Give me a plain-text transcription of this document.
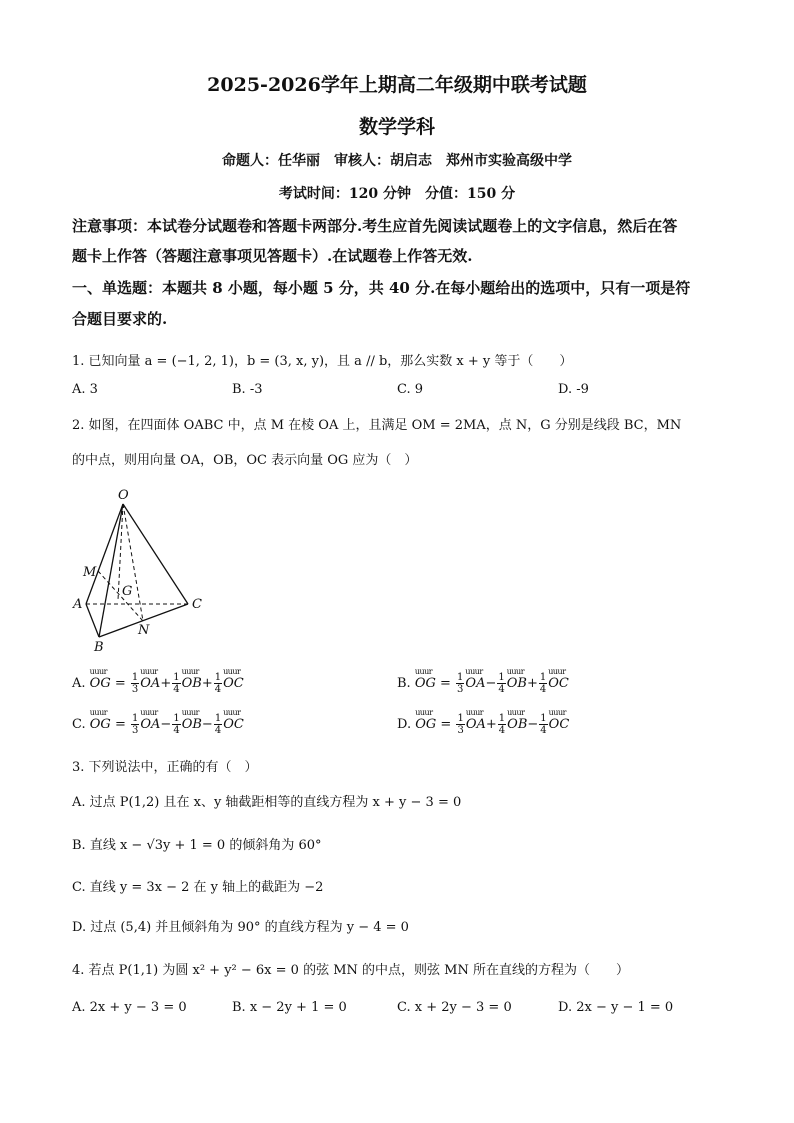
2025-2026学年上期高二年级期中联考试题
数学学科
命题人：任华丽　审核人：胡启志　郑州市实验高级中学
考试时间：120 分钟　分值：150 分
注意事项：本试卷分试题卷和答题卡两部分.考生应首先阅读试题卷上的文字信息，然后在答
题卡上作答（答题注意事项见答题卡）.在试题卷上作答无效.
一、单选题：本题共 8 小题，每小题 5 分，共 40 分.在每小题给出的选项中，只有一项是符
合题目要求的.
1. 已知向量 a = (−1, 2, 1)，b = (3, x, y)，且 a // b，那么实数 x + y 等于（　　）
A. 3	B. -3	C. 9	D. -9
2. 如图，在四面体 OABC 中，点 M 在棱 OA 上，且满足 OM = 2MA，点 N，G 分别是线段 BC，MN
的中点，则用向量 OA，OB，OC 表示向量 OG 应为（　）
O
M
G
A	C
N
B
A. uuur OG = $\frac{1}{3}$ uuur $OA+ \frac{1}{4}$ uuur $OB+ \frac{1}{4}$ uuur OC	B. uuur OG = $\frac{1}{3}$ uuur $OA- \frac{1}{4}$ uuur $OB+ \frac{1}{4}$ uuur OC
C. uuur OG = $\frac{1}{3}$ uuur $OA- \frac{1}{4}$ uuur $OB- \frac{1}{4}$ uuur OC	D. uuur OG = $\frac{1}{3}$ uuur $OA+ \frac{1}{4}$ uuur $OB- \frac{1}{4}$ uuur OC
3. 下列说法中，正确的有（　）
A. 过点 P(1,2) 且在 x、y 轴截距相等的直线方程为 x + y − 3 = 0
B. 直线 x − √3y + 1 = 0 的倾斜角为 60°
C. 直线 y = 3x − 2 在 y 轴上的截距为 −2
D. 过点 (5,4) 并且倾斜角为 90° 的直线方程为 y − 4 = 0
4. 若点 P(1,1) 为圆 x² + y² − 6x = 0 的弦 MN 的中点，则弦 MN 所在直线的方程为（　　）
A. 2x + y − 3 = 0	B. x − 2y + 1 = 0	C. x + 2y − 3 = 0	D. 2x − y − 1 = 0
